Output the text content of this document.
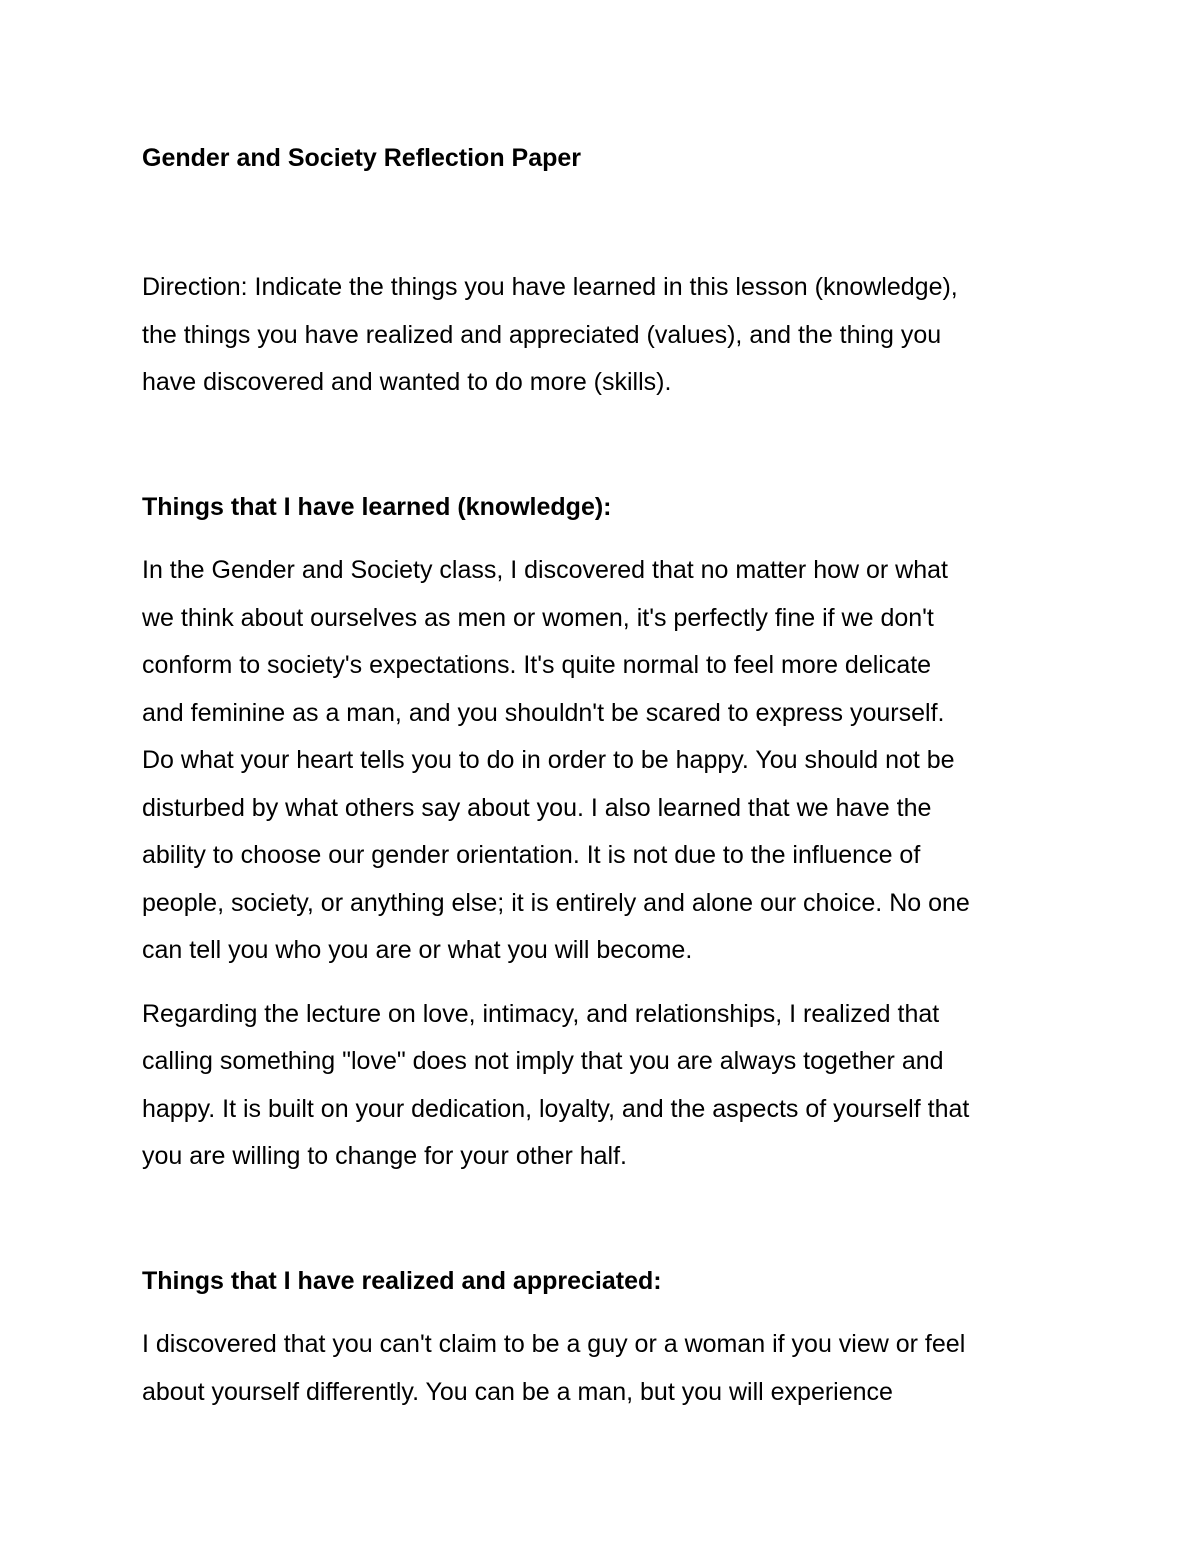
Gender and Society Reflection Paper

Direction: Indicate the things you have learned in this lesson (knowledge),

the things you have realized and appreciated (values), and the thing you

have discovered and wanted to do more (skills).

Things that I have learned (knowledge):

In the Gender and Society class, I discovered that no matter how or what

we think about ourselves as men or women, it's perfectly fine if we don't

conform to society's expectations. It's quite normal to feel more delicate

and feminine as a man, and you shouldn't be scared to express yourself.

Do what your heart tells you to do in order to be happy. You should not be

disturbed by what others say about you. I also learned that we have the

ability to choose our gender orientation. It is not due to the influence of

people, society, or anything else; it is entirely and alone our choice. No one

can tell you who you are or what you will become.

Regarding the lecture on love, intimacy, and relationships, I realized that

calling something "love" does not imply that you are always together and

happy. It is built on your dedication, loyalty, and the aspects of yourself that

you are willing to change for your other half.

Things that I have realized and appreciated:

I discovered that you can't claim to be a guy or a woman if you view or feel

about yourself differently. You can be a man, but you will experience
